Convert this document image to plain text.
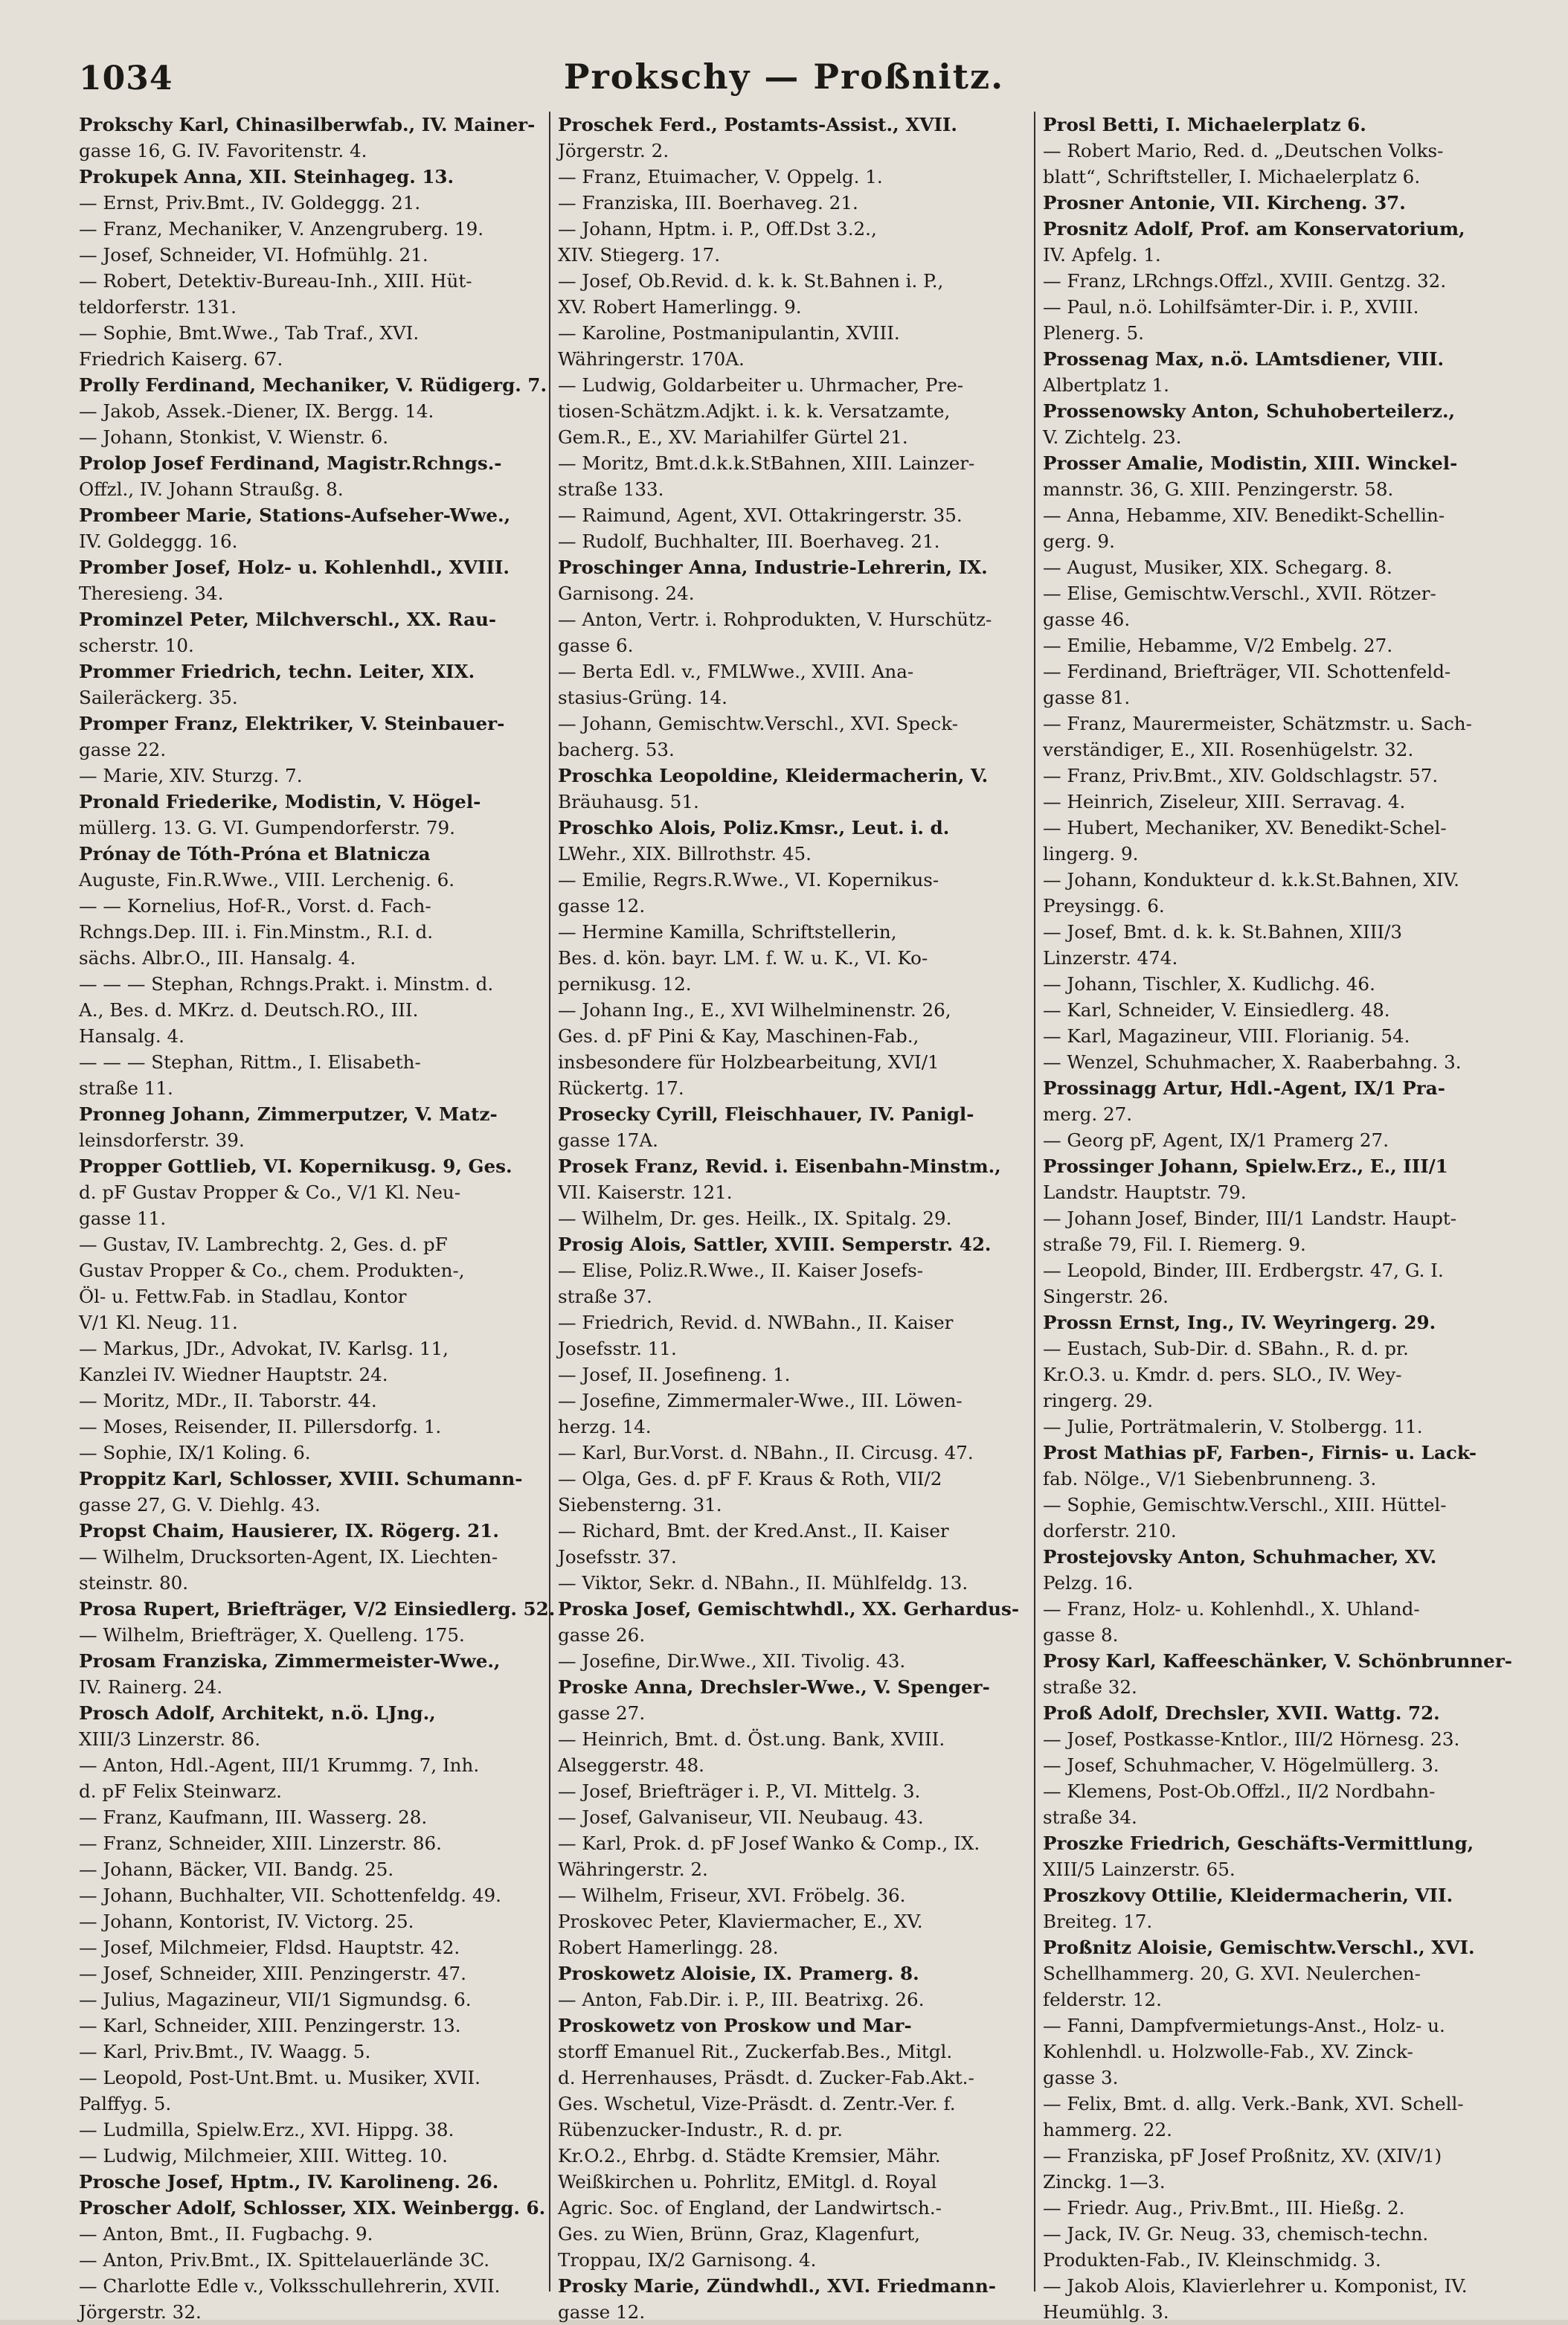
1034	Prokschy — Proßnitz.
Prokschy Karl, Chinasilberwfab., IV. Mainer-
gasse 16, G. IV. Favoritenstr. 4.
Prokupek Anna, XII. Steinhageg. 13.
— Ernst, Priv.Bmt., IV. Goldeggg. 21.
— Franz, Mechaniker, V. Anzengruberg. 19.
— Josef, Schneider, VI. Hofmühlg. 21.
— Robert, Detektiv-Bureau-Inh., XIII. Hüt-
teldorferstr. 131.
— Sophie, Bmt.Wwe., Tab Traf., XVI.
Friedrich Kaiserg. 67.
Prolly Ferdinand, Mechaniker, V. Rüdigerg. 7.
— Jakob, Assek.-Diener, IX. Bergg. 14.
— Johann, Stonkist, V. Wienstr. 6.
Prolop Josef Ferdinand, Magistr.Rchngs.-
Offzl., IV. Johann Straußg. 8.
Prombeer Marie, Stations-Aufseher-Wwe.,
IV. Goldeggg. 16.
Promber Josef, Holz- u. Kohlenhdl., XVIII.
Theresieng. 34.
Prominzel Peter, Milchverschl., XX. Rau-
scherstr. 10.
Prommer Friedrich, techn. Leiter, XIX.
Saileräckerg. 35.
Promper Franz, Elektriker, V. Steinbauer-
gasse 22.
— Marie, XIV. Sturzg. 7.
Pronald Friederike, Modistin, V. Högel-
müllerg. 13. G. VI. Gumpendorferstr. 79.
Prónay de Tóth-Próna et Blatnicza
Auguste, Fin.R.Wwe., VIII. Lerchenig. 6.
— — Kornelius, Hof-R., Vorst. d. Fach-
Rchngs.Dep. III. i. Fin.Minstm., R.I. d.
sächs. Albr.O., III. Hansalg. 4.
— — — Stephan, Rchngs.Prakt. i. Minstm. d.
A., Bes. d. MKrz. d. Deutsch.RO., III.
Hansalg. 4.
— — — Stephan, Rittm., I. Elisabeth-
straße 11.
Pronneg Johann, Zimmerputzer, V. Matz-
leinsdorferstr. 39.
Propper Gottlieb, VI. Kopernikusg. 9, Ges.
d. pF Gustav Propper & Co., V/1 Kl. Neu-
gasse 11.
— Gustav, IV. Lambrechtg. 2, Ges. d. pF
Gustav Propper & Co., chem. Produkten-,
Öl- u. Fettw.Fab. in Stadlau, Kontor
V/1 Kl. Neug. 11.
— Markus, JDr., Advokat, IV. Karlsg. 11,
Kanzlei IV. Wiedner Hauptstr. 24.
— Moritz, MDr., II. Taborstr. 44.
— Moses, Reisender, II. Pillersdorfg. 1.
— Sophie, IX/1 Koling. 6.
Proppitz Karl, Schlosser, XVIII. Schumann-
gasse 27, G. V. Diehlg. 43.
Propst Chaim, Hausierer, IX. Rögerg. 21.
— Wilhelm, Drucksorten-Agent, IX. Liechten-
steinstr. 80.
Prosa Rupert, Briefträger, V/2 Einsiedlerg. 52.
— Wilhelm, Briefträger, X. Quelleng. 175.
Prosam Franziska, Zimmermeister-Wwe.,
IV. Rainerg. 24.
Prosch Adolf, Architekt, n.ö. LJng.,
XIII/3 Linzerstr. 86.
— Anton, Hdl.-Agent, III/1 Krummg. 7, Inh.
d. pF Felix Steinwarz.
— Franz, Kaufmann, III. Wasserg. 28.
— Franz, Schneider, XIII. Linzerstr. 86.
— Johann, Bäcker, VII. Bandg. 25.
— Johann, Buchhalter, VII. Schottenfeldg. 49.
— Johann, Kontorist, IV. Victorg. 25.
— Josef, Milchmeier, Fldsd. Hauptstr. 42.
— Josef, Schneider, XIII. Penzingerstr. 47.
— Julius, Magazineur, VII/1 Sigmundsg. 6.
— Karl, Schneider, XIII. Penzingerstr. 13.
— Karl, Priv.Bmt., IV. Waagg. 5.
— Leopold, Post-Unt.Bmt. u. Musiker, XVII.
Palffyg. 5.
— Ludmilla, Spielw.Erz., XVI. Hippg. 38.
— Ludwig, Milchmeier, XIII. Witteg. 10.
Prosche Josef, Hptm., IV. Karolineng. 26.
Proscher Adolf, Schlosser, XIX. Weinbergg. 6.
— Anton, Bmt., II. Fugbachg. 9.
— Anton, Priv.Bmt., IX. Spittelauerlände 3C.
— Charlotte Edle v., Volksschullehrerin, XVII.
Jörgerstr. 32.
Proschek Ferd., Postamts-Assist., XVII.
Jörgerstr. 2.
— Franz, Etuimacher, V. Oppelg. 1.
— Franziska, III. Boerhaveg. 21.
— Johann, Hptm. i. P., Off.Dst 3.2.,
XIV. Stiegerg. 17.
— Josef, Ob.Revid. d. k. k. St.Bahnen i. P.,
XV. Robert Hamerlingg. 9.
— Karoline, Postmanipulantin, XVIII.
Währingerstr. 170A.
— Ludwig, Goldarbeiter u. Uhrmacher, Pre-
tiosen-Schätzm.Adjkt. i. k. k. Versatzamte,
Gem.R., E., XV. Mariahilfer Gürtel 21.
— Moritz, Bmt.d.k.k.StBahnen, XIII. Lainzer-
straße 133.
— Raimund, Agent, XVI. Ottakringerstr. 35.
— Rudolf, Buchhalter, III. Boerhaveg. 21.
Proschinger Anna, Industrie-Lehrerin, IX.
Garnisong. 24.
— Anton, Vertr. i. Rohprodukten, V. Hurschütz-
gasse 6.
— Berta Edl. v., FMLWwe., XVIII. Ana-
stasius-Grüng. 14.
— Johann, Gemischtw.Verschl., XVI. Speck-
bacherg. 53.
Proschka Leopoldine, Kleidermacherin, V.
Bräuhausg. 51.
Proschko Alois, Poliz.Kmsr., Leut. i. d.
LWehr., XIX. Billrothstr. 45.
— Emilie, Regrs.R.Wwe., VI. Kopernikus-
gasse 12.
— Hermine Kamilla, Schriftstellerin,
Bes. d. kön. bayr. LM. f. W. u. K., VI. Ko-
pernikusg. 12.
— Johann Ing., E., XVI Wilhelminenstr. 26,
Ges. d. pF Pini & Kay, Maschinen-Fab.,
insbesondere für Holzbearbeitung, XVI/1
Rückertg. 17.
Prosecky Cyrill, Fleischhauer, IV. Panigl-
gasse 17A.
Prosek Franz, Revid. i. Eisenbahn-Minstm.,
VII. Kaiserstr. 121.
— Wilhelm, Dr. ges. Heilk., IX. Spitalg. 29.
Prosig Alois, Sattler, XVIII. Semperstr. 42.
— Elise, Poliz.R.Wwe., II. Kaiser Josefs-
straße 37.
— Friedrich, Revid. d. NWBahn., II. Kaiser
Josefsstr. 11.
— Josef, II. Josefineng. 1.
— Josefine, Zimmermaler-Wwe., III. Löwen-
herzg. 14.
— Karl, Bur.Vorst. d. NBahn., II. Circusg. 47.
— Olga, Ges. d. pF F. Kraus & Roth, VII/2
Siebensterng. 31.
— Richard, Bmt. der Kred.Anst., II. Kaiser
Josefsstr. 37.
— Viktor, Sekr. d. NBahn., II. Mühlfeldg. 13.
Proska Josef, Gemischtwhdl., XX. Gerhardus-
gasse 26.
— Josefine, Dir.Wwe., XII. Tivolig. 43.
Proske Anna, Drechsler-Wwe., V. Spenger-
gasse 27.
— Heinrich, Bmt. d. Öst.ung. Bank, XVIII.
Alseggerstr. 48.
— Josef, Briefträger i. P., VI. Mittelg. 3.
— Josef, Galvaniseur, VII. Neubaug. 43.
— Karl, Prok. d. pF Josef Wanko & Comp., IX.
Währingerstr. 2.
— Wilhelm, Friseur, XVI. Fröbelg. 36.
Proskovec Peter, Klaviermacher, E., XV.
Robert Hamerlingg. 28.
Proskowetz Aloisie, IX. Pramerg. 8.
— Anton, Fab.Dir. i. P., III. Beatrixg. 26.
Proskowetz von Proskow und Mar-
storff Emanuel Rit., Zuckerfab.Bes., Mitgl.
d. Herrenhauses, Präsdt. d. Zucker-Fab.Akt.-
Ges. Wschetul, Vize-Präsdt. d. Zentr.-Ver. f.
Rübenzucker-Industr., R. d. pr.
Kr.O.2., Ehrbg. d. Städte Kremsier, Mähr.
Weißkirchen u. Pohrlitz, EMitgl. d. Royal
Agric. Soc. of England, der Landwirtsch.-
Ges. zu Wien, Brünn, Graz, Klagenfurt,
Troppau, IX/2 Garnisong. 4.
Prosky Marie, Zündwhdl., XVI. Friedmann-
gasse 12.
Prosl Betti, I. Michaelerplatz 6.
— Robert Mario, Red. d. „Deutschen Volks-
blatt“, Schriftsteller, I. Michaelerplatz 6.
Prosner Antonie, VII. Kircheng. 37.
Prosnitz Adolf, Prof. am Konservatorium,
IV. Apfelg. 1.
— Franz, LRchngs.Offzl., XVIII. Gentzg. 32.
— Paul, n.ö. Lohilfsämter-Dir. i. P., XVIII.
Plenerg. 5.
Prossenag Max, n.ö. LAmtsdiener, VIII.
Albertplatz 1.
Prossenowsky Anton, Schuhoberteilerz.,
V. Zichtelg. 23.
Prosser Amalie, Modistin, XIII. Winckel-
mannstr. 36, G. XIII. Penzingerstr. 58.
— Anna, Hebamme, XIV. Benedikt-Schellin-
gerg. 9.
— August, Musiker, XIX. Schegarg. 8.
— Elise, Gemischtw.Verschl., XVII. Rötzer-
gasse 46.
— Emilie, Hebamme, V/2 Embelg. 27.
— Ferdinand, Briefträger, VII. Schottenfeld-
gasse 81.
— Franz, Maurermeister, Schätzmstr. u. Sach-
verständiger, E., XII. Rosenhügelstr. 32.
— Franz, Priv.Bmt., XIV. Goldschlagstr. 57.
— Heinrich, Ziseleur, XIII. Serravag. 4.
— Hubert, Mechaniker, XV. Benedikt-Schel-
lingerg. 9.
— Johann, Kondukteur d. k.k.St.Bahnen, XIV.
Preysingg. 6.
— Josef, Bmt. d. k. k. St.Bahnen, XIII/3
Linzerstr. 474.
— Johann, Tischler, X. Kudlichg. 46.
— Karl, Schneider, V. Einsiedlerg. 48.
— Karl, Magazineur, VIII. Florianig. 54.
— Wenzel, Schuhmacher, X. Raaberbahng. 3.
Prossinagg Artur, Hdl.-Agent, IX/1 Pra-
merg. 27.
— Georg pF, Agent, IX/1 Pramerg 27.
Prossinger Johann, Spielw.Erz., E., III/1
Landstr. Hauptstr. 79.
— Johann Josef, Binder, III/1 Landstr. Haupt-
straße 79, Fil. I. Riemerg. 9.
— Leopold, Binder, III. Erdbergstr. 47, G. I.
Singerstr. 26.
Prossn Ernst, Ing., IV. Weyringerg. 29.
— Eustach, Sub-Dir. d. SBahn., R. d. pr.
Kr.O.3. u. Kmdr. d. pers. SLO., IV. Wey-
ringerg. 29.
— Julie, Porträtmalerin, V. Stolbergg. 11.
Prost Mathias pF, Farben-, Firnis- u. Lack-
fab. Nölge., V/1 Siebenbrunneng. 3.
— Sophie, Gemischtw.Verschl., XIII. Hüttel-
dorferstr. 210.
Prostejovsky Anton, Schuhmacher, XV.
Pelzg. 16.
— Franz, Holz- u. Kohlenhdl., X. Uhland-
gasse 8.
Prosy Karl, Kaffeeschänker, V. Schönbrunner-
straße 32.
Proß Adolf, Drechsler, XVII. Wattg. 72.
— Josef, Postkasse-Kntlor., III/2 Hörnesg. 23.
— Josef, Schuhmacher, V. Högelmüllerg. 3.
— Klemens, Post-Ob.Offzl., II/2 Nordbahn-
straße 34.
Proszke Friedrich, Geschäfts-Vermittlung,
XIII/5 Lainzerstr. 65.
Proszkovy Ottilie, Kleidermacherin, VII.
Breiteg. 17.
Proßnitz Aloisie, Gemischtw.Verschl., XVI.
Schellhammerg. 20, G. XVI. Neulerchen-
felderstr. 12.
— Fanni, Dampfvermietungs-Anst., Holz- u.
Kohlenhdl. u. Holzwolle-Fab., XV. Zinck-
gasse 3.
— Felix, Bmt. d. allg. Verk.-Bank, XVI. Schell-
hammerg. 22.
— Franziska, pF Josef Proßnitz, XV. (XIV/1)
Zinckg. 1—3.
— Friedr. Aug., Priv.Bmt., III. Hießg. 2.
— Jack, IV. Gr. Neug. 33, chemisch-techn.
Produkten-Fab., IV. Kleinschmidg. 3.
— Jakob Alois, Klavierlehrer u. Komponist, IV.
Heumühlg. 3.
